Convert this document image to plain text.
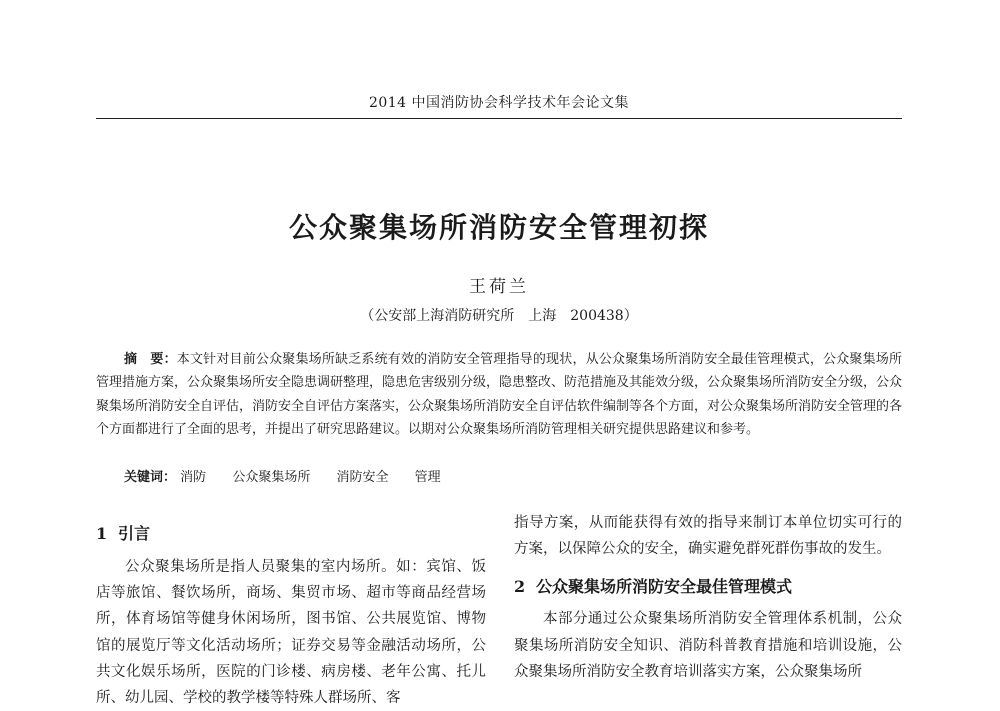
2014 中国消防协会科学技术年会论文集
公众聚集场所消防安全管理初探
王荷兰
（公安部上海消防研究所　上海　200438）
摘　要：本文针对目前公众聚集场所缺乏系统有效的消防安全管理指导的现状，从公众聚集场所消防安全最佳管理模式，公众聚集场所管理措施方案，公众聚集场所安全隐患调研整理，隐患危害级别分级，隐患整改、防范措施及其能效分级，公众聚集场所消防安全分级，公众聚集场所消防安全自评估，消防安全自评估方案落实，公众聚集场所消防安全自评估软件编制等各个方面，对公众聚集场所消防安全管理的各个方面都进行了全面的思考，并提出了研究思路建议。以期对公众聚集场所消防管理相关研究提供思路建议和参考。
关键词： 消防 公众聚集场所 消防安全 管理
1 引言

公众聚集场所是指人员聚集的室内场所。如：宾馆、饭店等旅馆、餐饮场所，商场、集贸市场、超市等商品经营场所，体育场馆等健身休闲场所，图书馆、公共展览馆、博物馆的展览厅等文化活动场所；证券交易等金融活动场所，公共文化娱乐场所，医院的门诊楼、病房楼、老年公寓、托儿所、幼儿园、学校的教学楼等特殊人群场所、客

指导方案，从而能获得有效的指导来制订本单位切实可行的方案，以保障公众的安全，确实避免群死群伤事故的发生。

2 公众聚集场所消防安全最佳管理模式

本部分通过公众聚集场所消防安全管理体系机制，公众聚集场所消防安全知识、消防科普教育措施和培训设施，公众聚集场所消防安全教育培训落实方案，公众聚集场所
